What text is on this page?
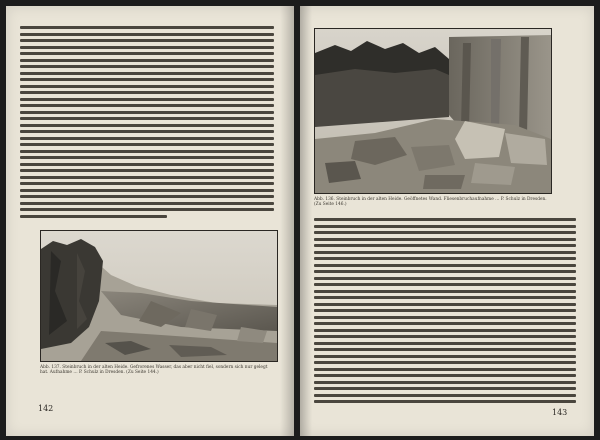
Abb. 137. Steinbruch in der alten Heide. Gefrorenes Wasser, das aber nicht fiel, sondern sich nur gelegt hat. Aufnahme … P. Schulz in Dresden. (Zu Seite 144.)
142
Abb. 136. Steinbruch in der alten Heide. Geöffnetes Wand. Fliesenbruchaufnahme … P. Schulz in Dresden. (Zu Seite 146.)
143
